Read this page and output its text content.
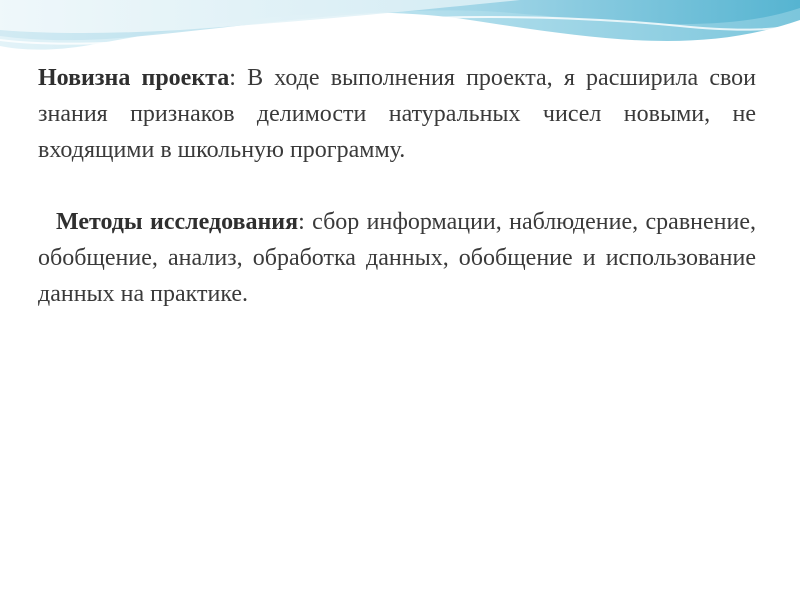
Новизна проекта: В ходе выполнения проекта, я расширила свои знания признаков делимости натуральных чисел новыми, не входящими в школьную программу.

Методы исследования: сбор информации, наблюдение, сравнение, обобщение, анализ, обработка данных, обобщение и использование данных на практике.
